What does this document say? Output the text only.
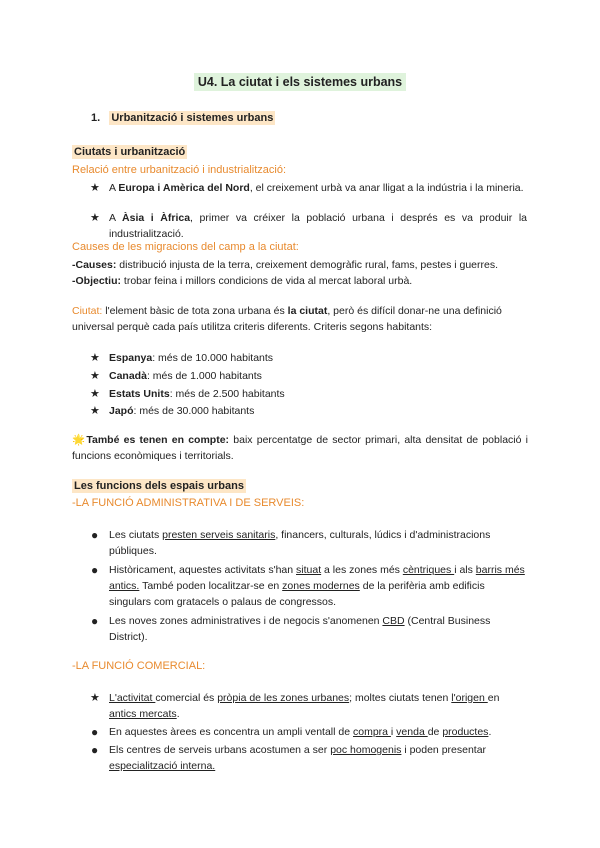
U4. La ciutat i els sistemes urbans
1. Urbanització i sistemes urbans
Ciutats i urbanització
Relació entre urbanització i industrialització:
★ A Europa i Amèrica del Nord, el creixement urbà va anar lligat a la indústria i la mineria.
★ A Àsia i Àfrica, primer va créixer la població urbana i després es va produir la industrialització.
Causes de les migracions del camp a la ciutat:
-Causes: distribució injusta de la terra, creixement demogràfic rural, fams, pestes i guerres.
-Objectiu: trobar feina i millors condicions de vida al mercat laboral urbà.
Ciutat: l'element bàsic de tota zona urbana és la ciutat, però és difícil donar-ne una definició universal perquè cada país utilitza criteris diferents. Criteris segons habitants:
★ Espanya: més de 10.000 habitants
★ Canadà: més de 1.000 habitants
★ Estats Units: més de 2.500 habitants
★ Japó: més de 30.000 habitants
🌟També es tenen en compte: baix percentatge de sector primari, alta densitat de població i funcions econòmiques i territorials.
Les funcions dels espais urbans
-LA FUNCIÓ ADMINISTRATIVA I DE SERVEIS:
● Les ciutats presten serveis sanitaris, financers, culturals, lúdics i d'administracions públiques.
● Històricament, aquestes activitats s'han situat a les zones més cèntriques i als barris més antics. També poden localitzar-se en zones modernes de la perifèria amb edificis singulars com gratacels o palaus de congressos.
● Les noves zones administratives i de negocis s'anomenen CBD (Central Business District).
-LA FUNCIÓ COMERCIAL:
★ L'activitat comercial és pròpia de les zones urbanes; moltes ciutats tenen l'origen en antics mercats.
● En aquestes àrees es concentra un ampli ventall de compra i venda de productes.
● Els centres de serveis urbans acostumen a ser poc homogenis i poden presentar especialització interna.
